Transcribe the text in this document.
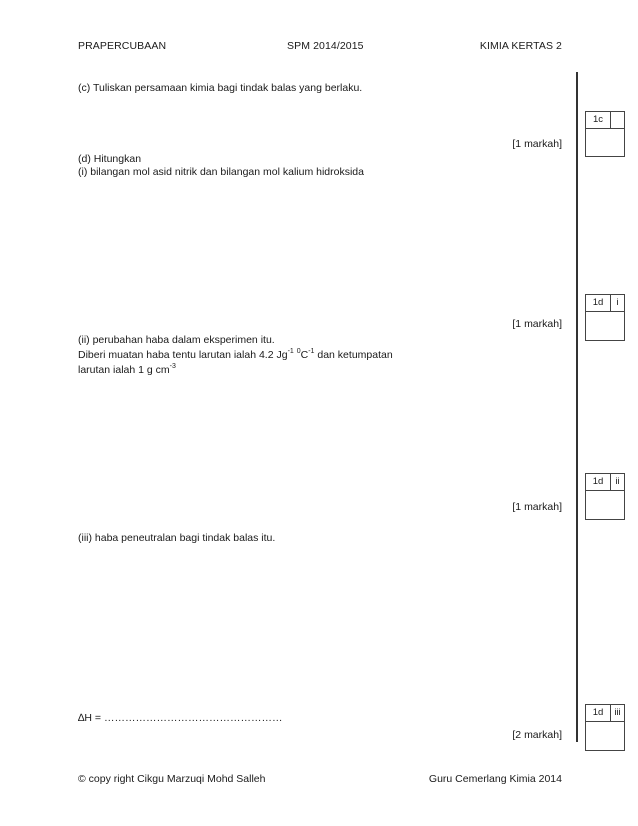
PRAPERCUBAAN	SPM 2014/2015	KIMIA KERTAS 2
(c) Tuliskan persamaan kimia bagi tindak balas yang berlaku.
[1 markah]
(d) Hitungkan
(i) bilangan mol asid nitrik dan bilangan mol kalium hidroksida
[1 markah]
(ii) perubahan haba dalam eksperimen itu.
Diberi muatan haba tentu larutan ialah 4.2 $Jg^{-1}$ $^0C^{-1}$ dan ketumpatan
larutan ialah 1 g $cm^{-3}$
[1 markah]
(iii) haba peneutralan bagi tindak balas itu.
∆H = ……………………………………………
[2 markah]
1c
1d	i
1d	ii
1d	iii
© copy right Cikgu Marzuqi Mohd Salleh	Guru Cemerlang Kimia 2014
